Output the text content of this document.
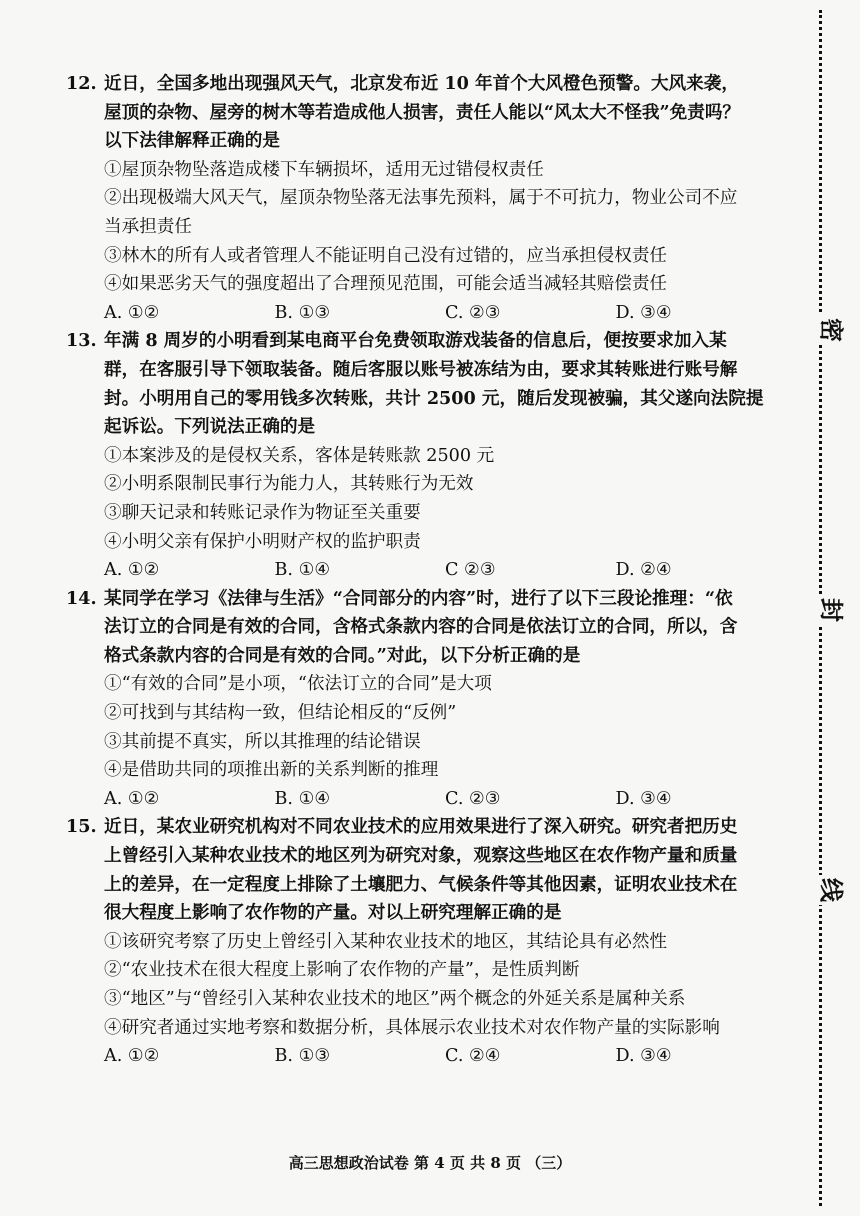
12. 近日，全国多地出现强风天气，北京发布近 10 年首个大风橙色预警。大风来袭，
屋顶的杂物、屋旁的树木等若造成他人损害，责任人能以“风太大不怪我”免责吗？
以下法律解释正确的是
①屋顶杂物坠落造成楼下车辆损坏，适用无过错侵权责任
②出现极端大风天气，屋顶杂物坠落无法事先预料，属于不可抗力，物业公司不应
当承担责任
③林木的所有人或者管理人不能证明自己没有过错的，应当承担侵权责任
④如果恶劣天气的强度超出了合理预见范围，可能会适当减轻其赔偿责任
A. ①②	B. ①③	C. ②③	D. ③④
13. 年满 8 周岁的小明看到某电商平台免费领取游戏装备的信息后，便按要求加入某
群，在客服引导下领取装备。随后客服以账号被冻结为由，要求其转账进行账号解
封。小明用自己的零用钱多次转账，共计 2500 元，随后发现被骗，其父遂向法院提
起诉讼。下列说法正确的是
①本案涉及的是侵权关系，客体是转账款 2500 元
②小明系限制民事行为能力人，其转账行为无效
③聊天记录和转账记录作为物证至关重要
④小明父亲有保护小明财产权的监护职责
A. ①②	B. ①④	C ②③	D. ②④
14. 某同学在学习《法律与生活》“合同部分的内容”时，进行了以下三段论推理：“依
法订立的合同是有效的合同，含格式条款内容的合同是依法订立的合同，所以，含
格式条款内容的合同是有效的合同。”对此，以下分析正确的是
①“有效的合同”是小项，“依法订立的合同”是大项
②可找到与其结构一致，但结论相反的“反例”
③其前提不真实，所以其推理的结论错误
④是借助共同的项推出新的关系判断的推理
A. ①②	B. ①④	C. ②③	D. ③④
15. 近日，某农业研究机构对不同农业技术的应用效果进行了深入研究。研究者把历史
上曾经引入某种农业技术的地区列为研究对象，观察这些地区在农作物产量和质量
上的差异，在一定程度上排除了土壤肥力、气候条件等其他因素，证明农业技术在
很大程度上影响了农作物的产量。对以上研究理解正确的是
①该研究考察了历史上曾经引入某种农业技术的地区，其结论具有必然性
②“农业技术在很大程度上影响了农作物的产量”，是性质判断
③“地区”与“曾经引入某种农业技术的地区”两个概念的外延关系是属种关系
④研究者通过实地考察和数据分析，具体展示农业技术对农作物产量的实际影响
A. ①②	B. ①③	C. ②④	D. ③④
密
封
线
高三思想政治试卷 第 4 页 共 8 页 （三）
